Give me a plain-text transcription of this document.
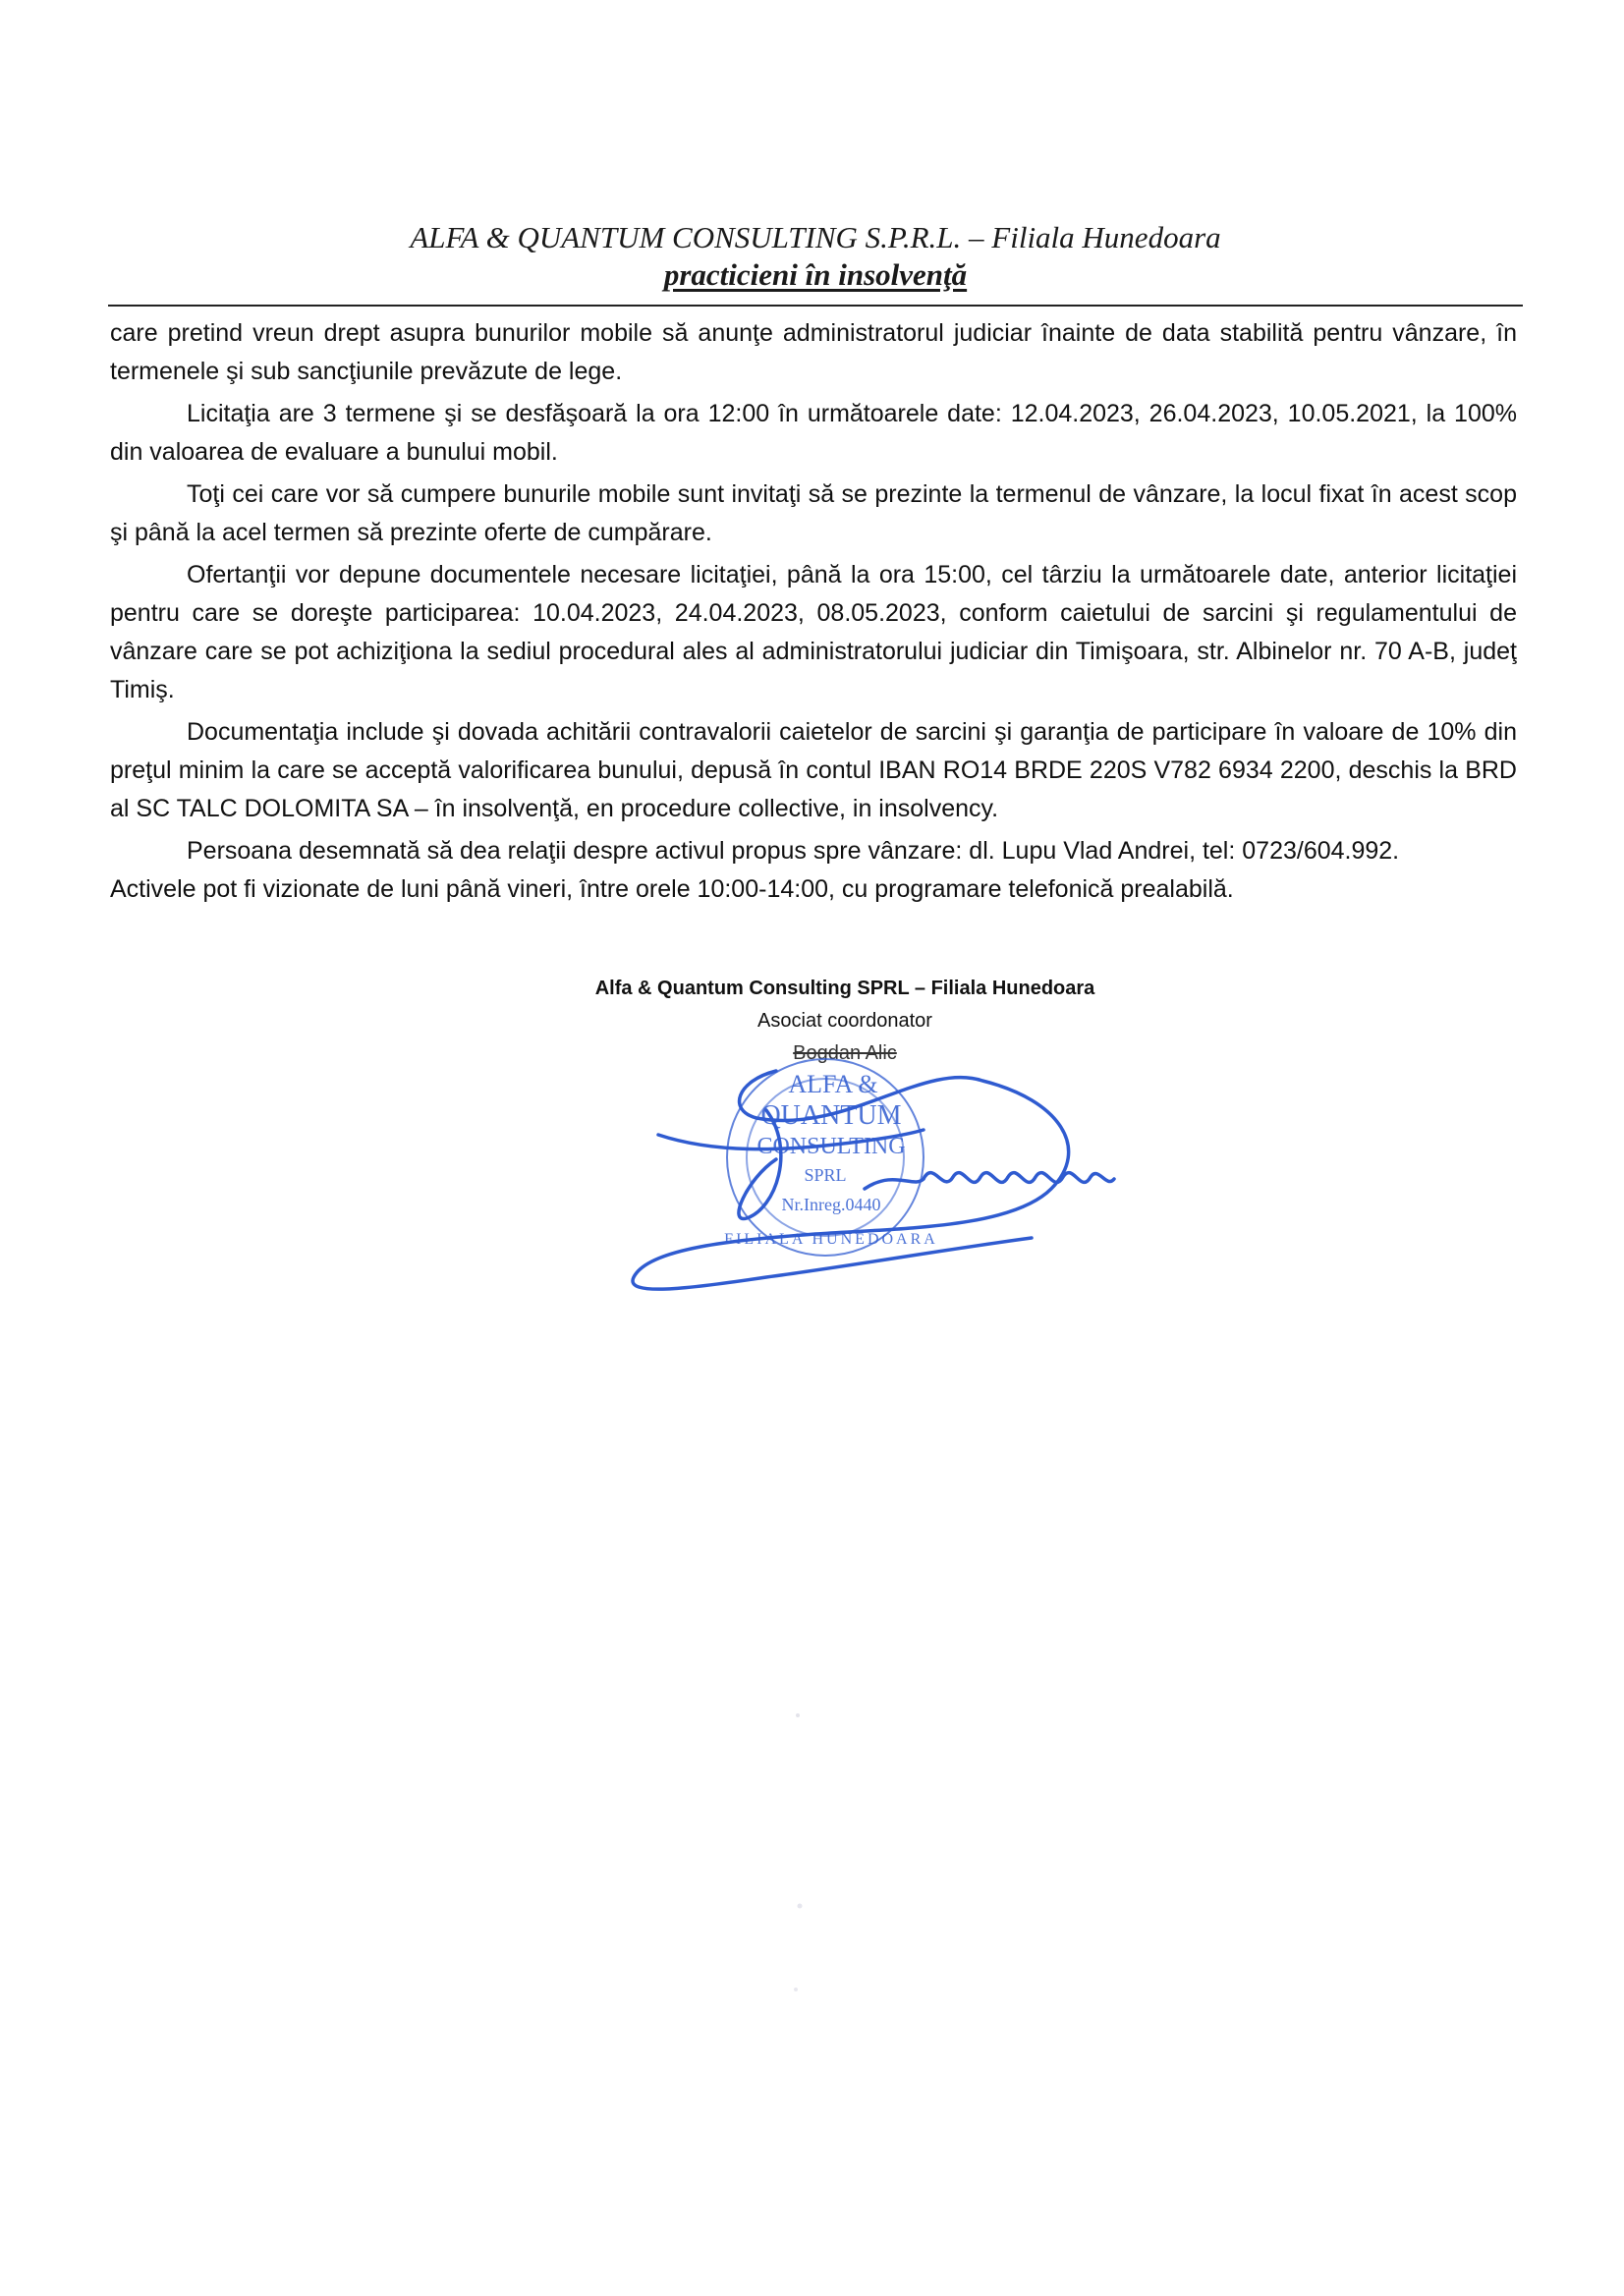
ALFA & QUANTUM CONSULTING S.P.R.L. – Filiala Hunedoara
practicieni în insolvenţă

care pretind vreun drept asupra bunurilor mobile să anunţe administratorul judiciar înainte de data stabilită pentru vânzare, în termenele şi sub sancţiunile prevăzute de lege.

Licitaţia are 3 termene şi se desfăşoară la ora 12:00 în următoarele date: 12.04.2023, 26.04.2023, 10.05.2021, la 100% din valoarea de evaluare a bunului mobil.

Toţi cei care vor să cumpere bunurile mobile sunt invitaţi să se prezinte la termenul de vânzare, la locul fixat în acest scop şi până la acel termen să prezinte oferte de cumpărare.

Ofertanţii vor depune documentele necesare licitaţiei, până la ora 15:00, cel târziu la următoarele date, anterior licitaţiei pentru care se doreşte participarea: 10.04.2023, 24.04.2023, 08.05.2023, conform caietului de sarcini şi regulamentului de vânzare care se pot achiziţiona la sediul procedural ales al administratorului judiciar din Timişoara, str. Albinelor nr. 70 A-B, judeţ Timiş.

Documentaţia include şi dovada achitării contravalorii caietelor de sarcini şi garanţia de participare în valoare de 10% din preţul minim la care se acceptă valorificarea bunului, depusă în contul IBAN RO14 BRDE 220S V782 6934 2200, deschis la BRD al SC TALC DOLOMITA SA – în insolvenţă, en procedure collective, in insolvency.

Persoana desemnată să dea relaţii despre activul propus spre vânzare: dl. Lupu Vlad Andrei, tel: 0723/604.992.

Activele pot fi vizionate de luni până vineri, între orele 10:00-14:00, cu programare telefonică prealabilă.

Alfa & Quantum Consulting SPRL – Filiala Hunedoara
Asociat coordonator
Bogdan Alic
ALFA &
QUANTUM
CONSULTING
SPRL
Nr.Inreg.0440
FILIALA HUNEDOARA
